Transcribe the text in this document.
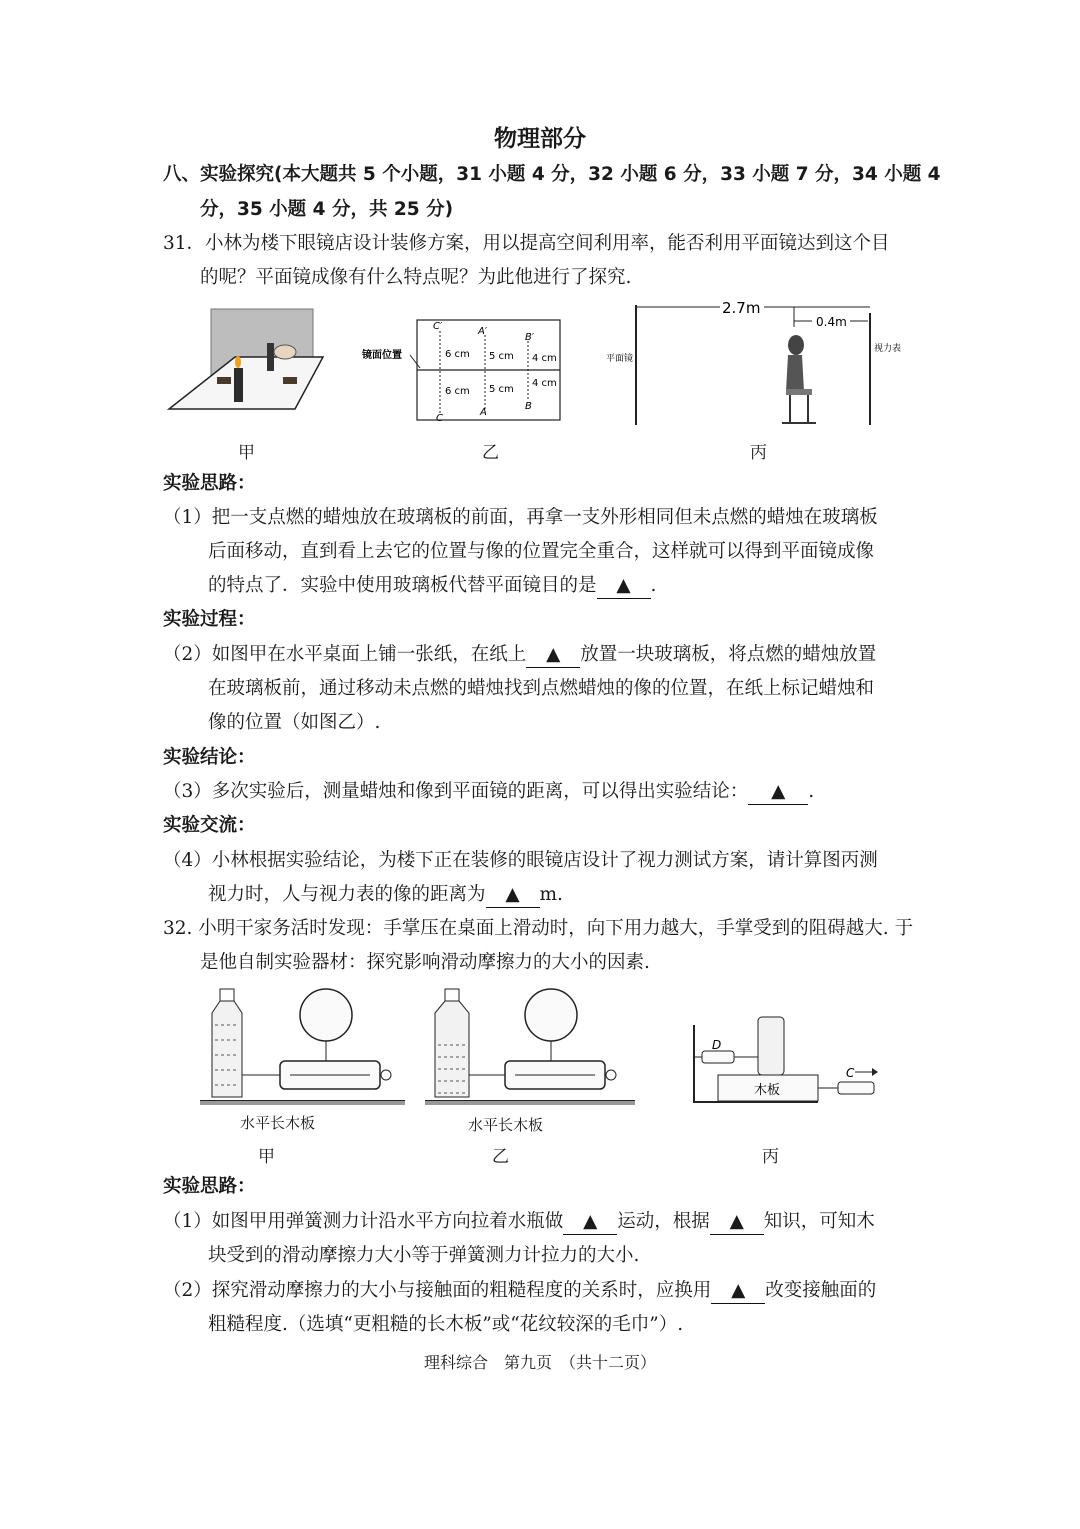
物理部分
八、实验探究(本大题共 5 个小题，31 小题 4 分，32 小题 6 分，33 小题 7 分，34 小题 4
分，35 小题 4 分，共 25 分)
31．小林为楼下眼镜店设计装修方案，用以提高空间利用率，能否利用平面镜达到这个目
的呢？平面镜成像有什么特点呢？为此他进行了探究.
镜面位置
C′	A′
B′
C
A
B
6 cm 5 cm 4 cm
6 cm 5 cm
4 cm
2.7m
0.4m
平面镜
视力表
甲	乙	丙
实验思路：
（1）把一支点燃的蜡烛放在玻璃板的前面，再拿一支外形相同但未点燃的蜡烛在玻璃板
后面移动，直到看上去它的位置与像的位置完全重合，这样就可以得到平面镜成像
的特点了．实验中使用玻璃板代替平面镜目的是 ▲ .
实验过程：
（2）如图甲在水平桌面上铺一张纸，在纸上 ▲ 放置一块玻璃板，将点燃的蜡烛放置
在玻璃板前，通过移动未点燃的蜡烛找到点燃蜡烛的像的位置，在纸上标记蜡烛和
像的位置（如图乙）.
实验结论：
（3）多次实验后，测量蜡烛和像到平面镜的距离，可以得出实验结论： ▲ .
实验交流：
（4）小林根据实验结论，为楼下正在装修的眼镜店设计了视力测试方案，请计算图丙测
视力时，人与视力表的像的距离为 ▲ m.
32. 小明干家务活时发现：手掌压在桌面上滑动时，向下用力越大，手掌受到的阻碍越大. 于
是他自制实验器材：探究影响滑动摩擦力的大小的因素.
水平长木板	水平长木板
D
木板
C
甲	乙	丙
实验思路：
（1）如图甲用弹簧测力计沿水平方向拉着水瓶做 ▲ 运动，根据 ▲ 知识，可知木
块受到的滑动摩擦力大小等于弹簧测力计拉力的大小.
（2）探究滑动摩擦力的大小与接触面的粗糙程度的关系时，应换用 ▲ 改变接触面的
粗糙程度.（选填“更粗糙的长木板”或“花纹较深的毛巾”）.
理科综合　第九页　（共十二页）
